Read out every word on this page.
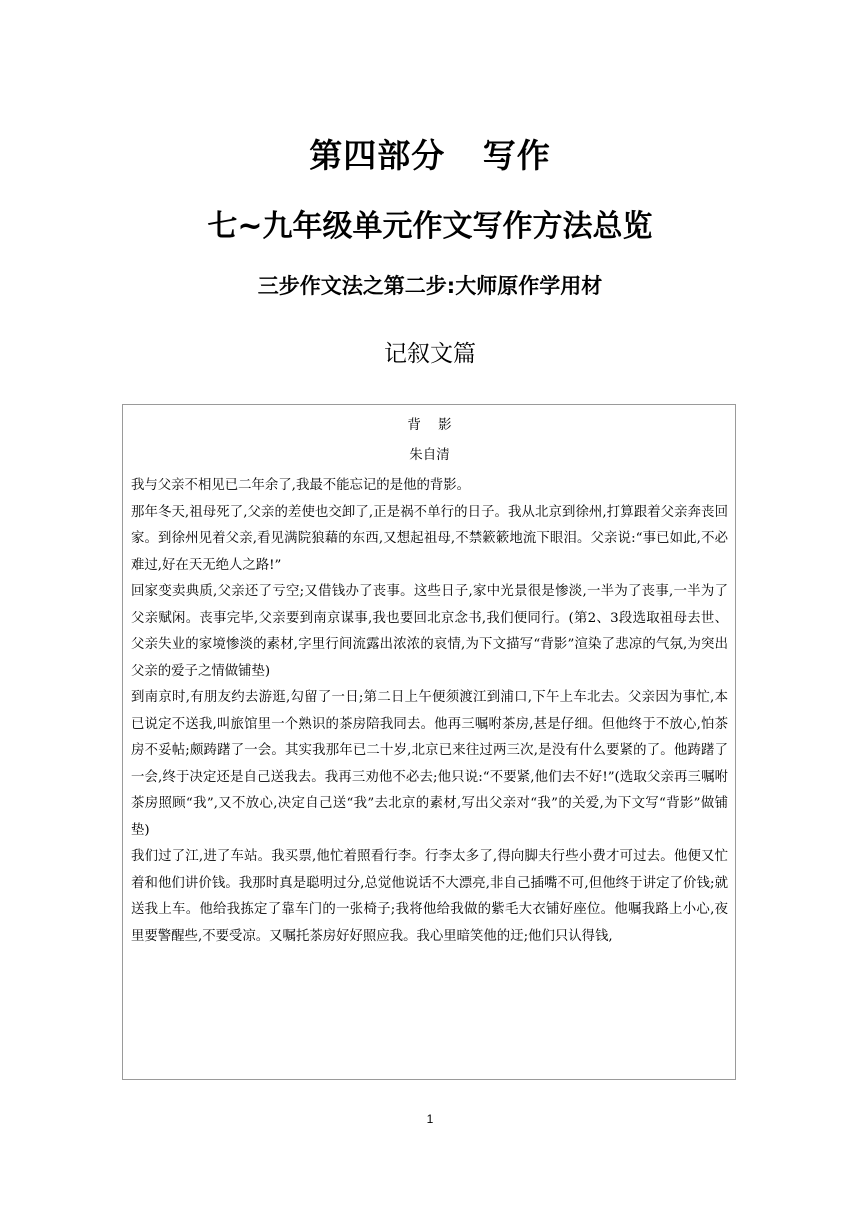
第四部分   写作
七~九年级单元作文写作方法总览
三步作文法之第二步:大师原作学用材
记叙文篇
背    影
朱自清

我与父亲不相见已二年余了,我最不能忘记的是他的背影。

那年冬天,祖母死了,父亲的差使也交卸了,正是祸不单行的日子。我从北京到徐州,打算跟着父亲奔丧回家。到徐州见着父亲,看见满院狼藉的东西,又想起祖母,不禁簌簌地流下眼泪。父亲说:“事已如此,不必难过,好在天无绝人之路!”

回家变卖典质,父亲还了亏空;又借钱办了丧事。这些日子,家中光景很是惨淡,一半为了丧事,一半为了父亲赋闲。丧事完毕,父亲要到南京谋事,我也要回北京念书,我们便同行。(第2、3段选取祖母去世、父亲失业的家境惨淡的素材,字里行间流露出浓浓的哀情,为下文描写“背影”渲染了悲凉的气氛,为突出父亲的爱子之情做铺垫)

到南京时,有朋友约去游逛,勾留了一日;第二日上午便须渡江到浦口,下午上车北去。父亲因为事忙,本已说定不送我,叫旅馆里一个熟识的茶房陪我同去。他再三嘱咐茶房,甚是仔细。但他终于不放心,怕茶房不妥帖;颇踌躇了一会。其实我那年已二十岁,北京已来往过两三次,是没有什么要紧的了。他踌躇了一会,终于决定还是自己送我去。我再三劝他不必去;他只说:“不要紧,他们去不好!”(选取父亲再三嘱咐茶房照顾“我”,又不放心,决定自己送“我”去北京的素材,写出父亲对“我”的关爱,为下文写“背影”做铺垫)

我们过了江,进了车站。我买票,他忙着照看行李。行李太多了,得向脚夫行些小费才可过去。他便又忙着和他们讲价钱。我那时真是聪明过分,总觉他说话不大漂亮,非自己插嘴不可,但他终于讲定了价钱;就送我上车。他给我拣定了靠车门的一张椅子;我将他给我做的紫毛大衣铺好座位。他嘱我路上小心,夜里要警醒些,不要受凉。又嘱托茶房好好照应我。我心里暗笑他的迂;他们只认得钱,

1
